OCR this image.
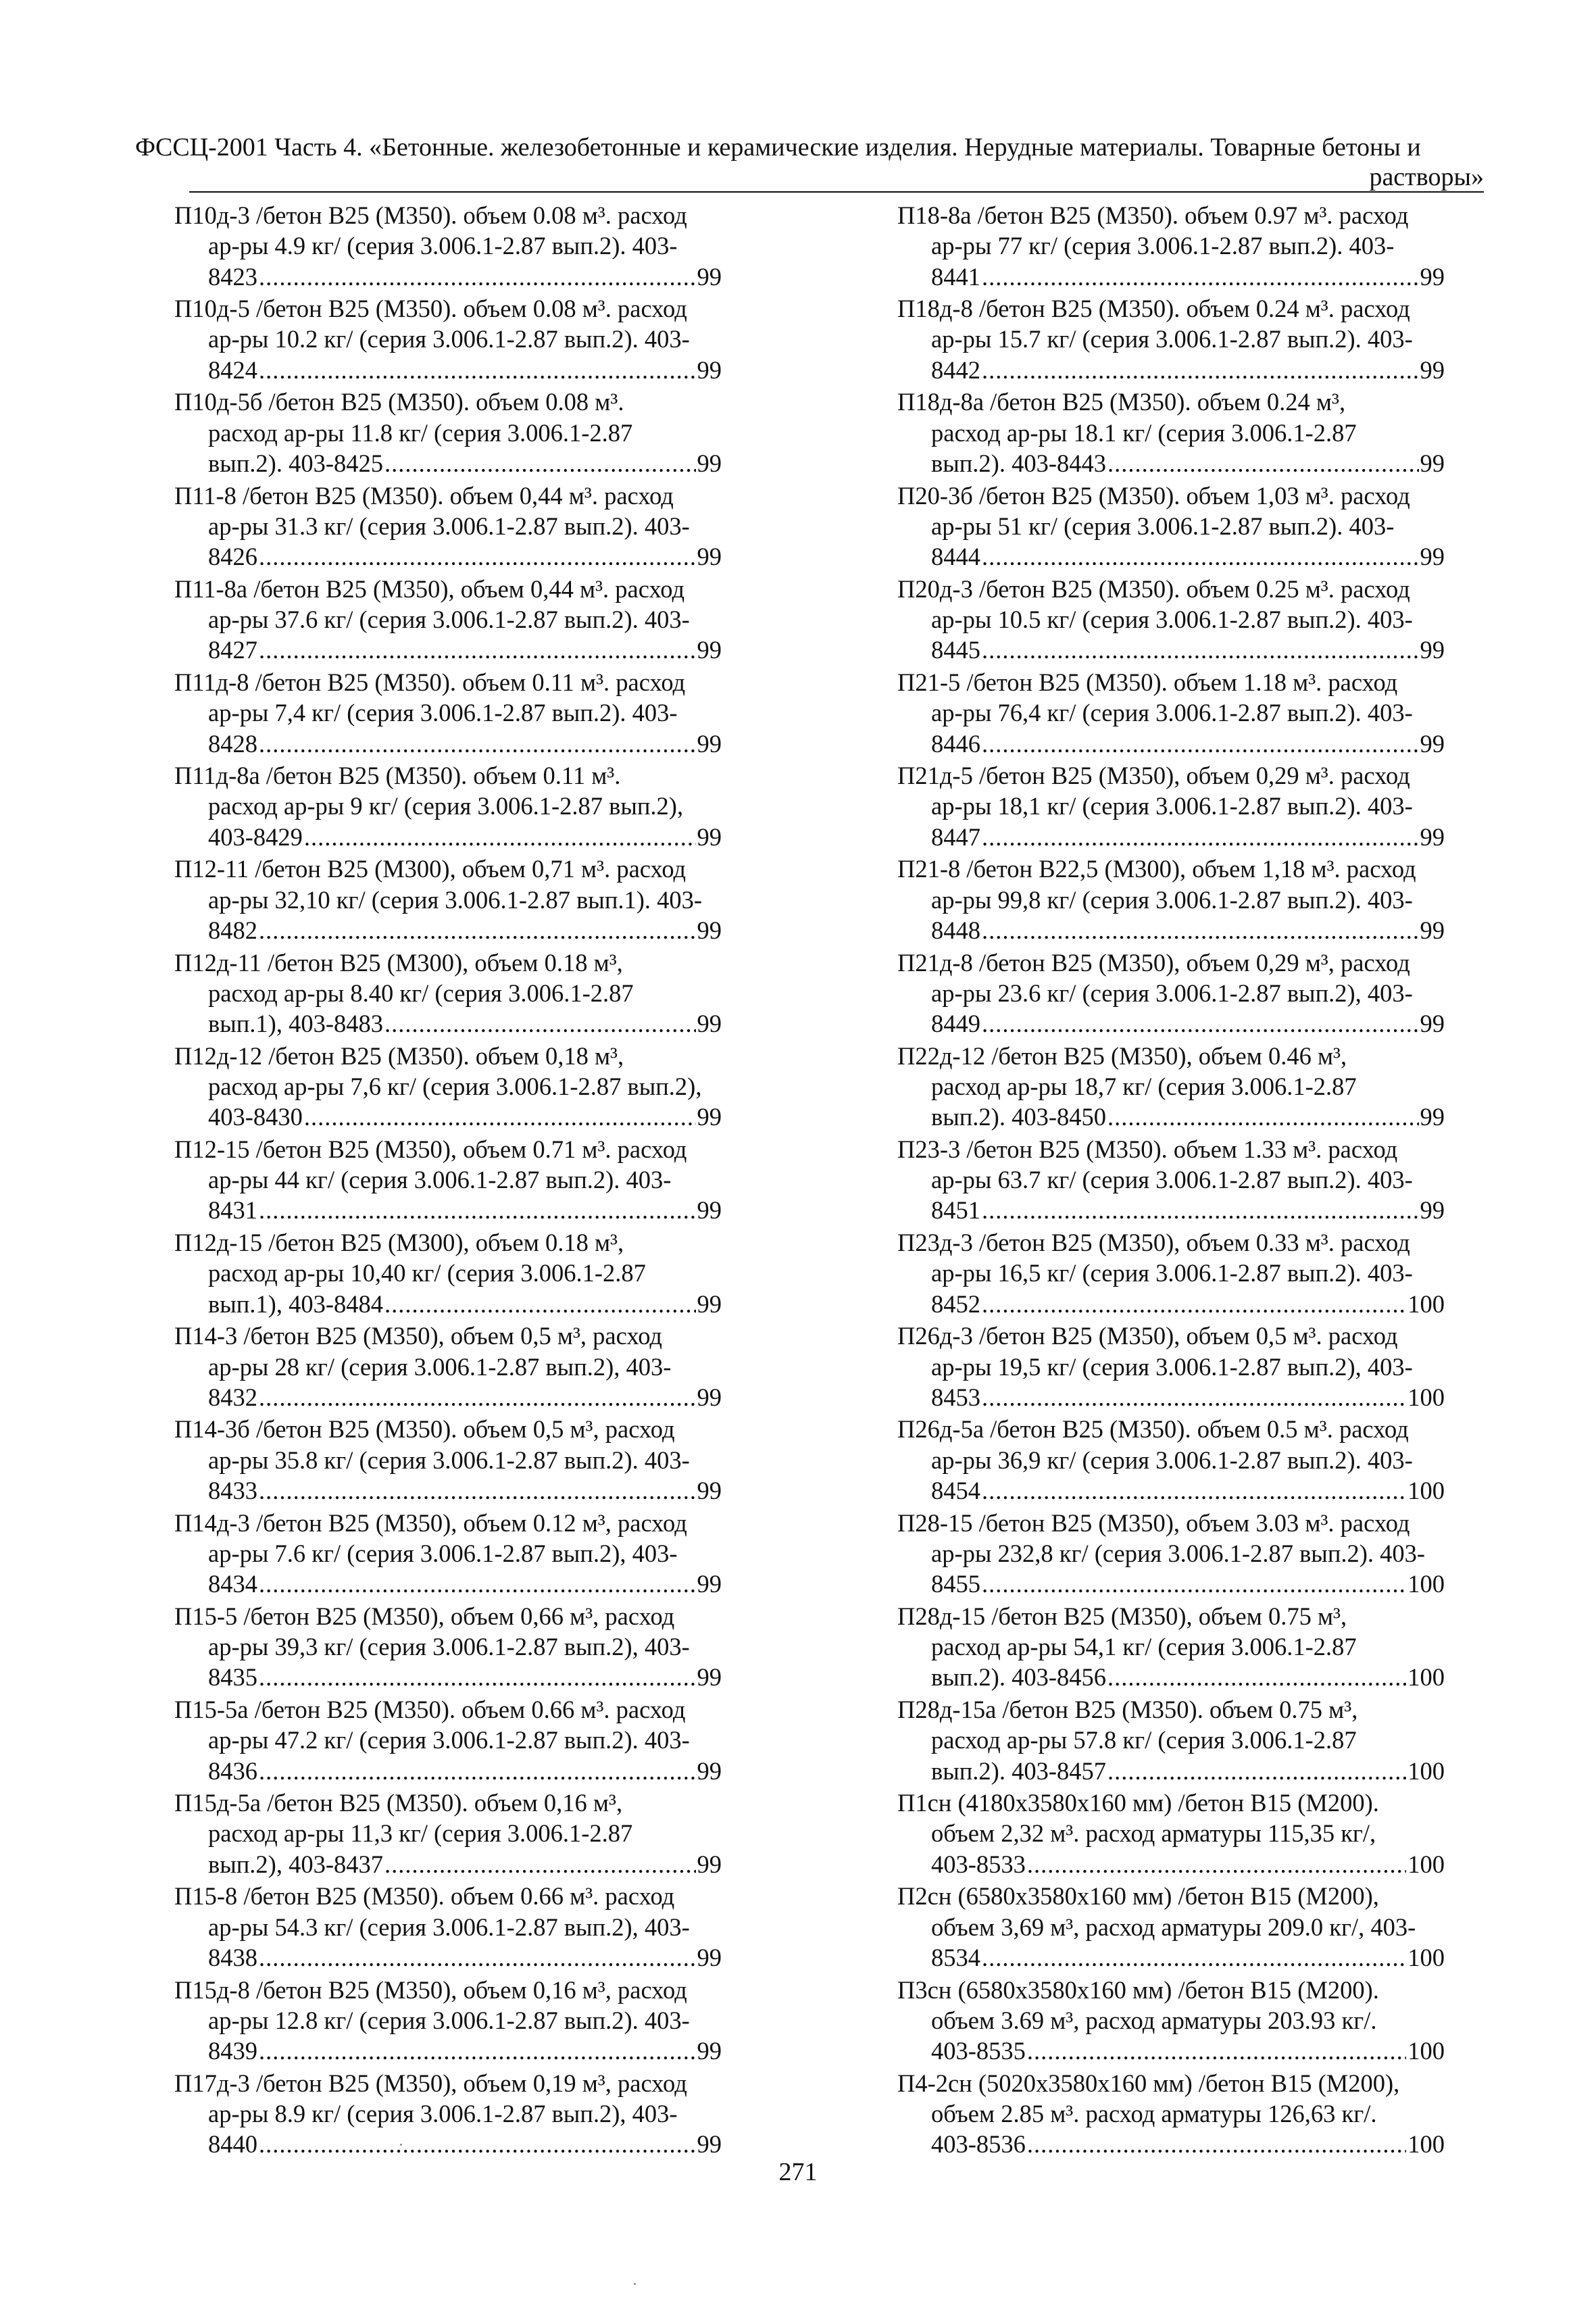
ФССЦ-2001 Часть 4. «Бетонные. железобетонные и керамические изделия. Нерудные материалы. Товарные бетоны и
растворы»
П10д-3 /бетон В25 (М350). объем 0.08 м³. расход
ар-ры 4.9 кг/ (серия 3.006.1-2.87 вып.2). 403-
8423 .....	99
П10д-5 /бетон В25 (М350). объем 0.08 м³. расход
ар-ры 10.2 кг/ (серия 3.006.1-2.87 вып.2). 403-
8424 .....	99
П10д-5б /бетон В25 (М350). объем 0.08 м³.
расход ар-ры 11.8 кг/ (серия 3.006.1-2.87
вып.2). 403-8425 .....	99
П11-8 /бетон В25 (М350). объем 0,44 м³. расход
ар-ры 31.3 кг/ (серия 3.006.1-2.87 вып.2). 403-
8426 .....	99
П11-8а /бетон В25 (М350), объем 0,44 м³. расход
ар-ры 37.6 кг/ (серия 3.006.1-2.87 вып.2). 403-
8427 .....	99
П11д-8 /бетон В25 (М350). объем 0.11 м³. расход
ар-ры 7,4 кг/ (серия 3.006.1-2.87 вып.2). 403-
8428 .....	99
П11д-8а /бетон В25 (М350). объем 0.11 м³.
расход ар-ры 9 кг/ (серия 3.006.1-2.87 вып.2),
403-8429 .....	99
П12-11 /бетон В25 (М300), объем 0,71 м³. расход
ар-ры 32,10 кг/ (серия 3.006.1-2.87 вып.1). 403-
8482 .....	99
П12д-11 /бетон В25 (М300), объем 0.18 м³,
расход ар-ры 8.40 кг/ (серия 3.006.1-2.87
вып.1), 403-8483 .....	99
П12д-12 /бетон В25 (М350). объем 0,18 м³,
расход ар-ры 7,6 кг/ (серия 3.006.1-2.87 вып.2),
403-8430 .....	99
П12-15 /бетон В25 (М350), объем 0.71 м³. расход
ар-ры 44 кг/ (серия 3.006.1-2.87 вып.2). 403-
8431 .....	99
П12д-15 /бетон В25 (М300), объем 0.18 м³,
расход ар-ры 10,40 кг/ (серия 3.006.1-2.87
вып.1), 403-8484 .....	99
П14-3 /бетон В25 (М350), объем 0,5 м³, расход
ар-ры 28 кг/ (серия 3.006.1-2.87 вып.2), 403-
8432 .....	99
П14-3б /бетон В25 (М350). объем 0,5 м³, расход
ар-ры 35.8 кг/ (серия 3.006.1-2.87 вып.2). 403-
8433 .....	99
П14д-3 /бетон В25 (М350), объем 0.12 м³, расход
ар-ры 7.6 кг/ (серия 3.006.1-2.87 вып.2), 403-
8434 .....	99
П15-5 /бетон В25 (М350), объем 0,66 м³, расход
ар-ры 39,3 кг/ (серия 3.006.1-2.87 вып.2), 403-
8435 .....	99
П15-5а /бетон В25 (М350). объем 0.66 м³. расход
ар-ры 47.2 кг/ (серия 3.006.1-2.87 вып.2). 403-
8436 .....	99
П15д-5а /бетон В25 (М350). объем 0,16 м³,
расход ар-ры 11,3 кг/ (серия 3.006.1-2.87
вып.2), 403-8437 .....	99
П15-8 /бетон В25 (М350). объем 0.66 м³. расход
ар-ры 54.3 кг/ (серия 3.006.1-2.87 вып.2), 403-
8438 .....	99
П15д-8 /бетон В25 (М350), объем 0,16 м³, расход
ар-ры 12.8 кг/ (серия 3.006.1-2.87 вып.2). 403-
8439 .....	99
П17д-3 /бетон В25 (М350), объем 0,19 м³, расход
ар-ры 8.9 кг/ (серия 3.006.1-2.87 вып.2), 403-
8440 .....	99
П18-8а /бетон В25 (М350). объем 0.97 м³. расход
ар-ры 77 кг/ (серия 3.006.1-2.87 вып.2). 403-
8441 .....	99
П18д-8 /бетон В25 (М350). объем 0.24 м³. расход
ар-ры 15.7 кг/ (серия 3.006.1-2.87 вып.2). 403-
8442 .....	99
П18д-8а /бетон В25 (М350). объем 0.24 м³,
расход ар-ры 18.1 кг/ (серия 3.006.1-2.87
вып.2). 403-8443 .....	99
П20-3б /бетон В25 (М350). объем 1,03 м³. расход
ар-ры 51 кг/ (серия 3.006.1-2.87 вып.2). 403-
8444 .....	99
П20д-3 /бетон В25 (М350). объем 0.25 м³. расход
ар-ры 10.5 кг/ (серия 3.006.1-2.87 вып.2). 403-
8445 .....	99
П21-5 /бетон В25 (М350). объем 1.18 м³. расход
ар-ры 76,4 кг/ (серия 3.006.1-2.87 вып.2). 403-
8446 .....	99
П21д-5 /бетон В25 (М350), объем 0,29 м³. расход
ар-ры 18,1 кг/ (серия 3.006.1-2.87 вып.2). 403-
8447 .....	99
П21-8 /бетон В22,5 (М300), объем 1,18 м³. расход
ар-ры 99,8 кг/ (серия 3.006.1-2.87 вып.2). 403-
8448 .....	99
П21д-8 /бетон В25 (М350), объем 0,29 м³, расход
ар-ры 23.6 кг/ (серия 3.006.1-2.87 вып.2), 403-
8449 .....	99
П22д-12 /бетон В25 (М350), объем 0.46 м³,
расход ар-ры 18,7 кг/ (серия 3.006.1-2.87
вып.2). 403-8450 .....	99
П23-3 /бетон В25 (М350). объем 1.33 м³. расход
ар-ры 63.7 кг/ (серия 3.006.1-2.87 вып.2). 403-
8451 .....	99
П23д-3 /бетон В25 (М350), объем 0.33 м³. расход
ар-ры 16,5 кг/ (серия 3.006.1-2.87 вып.2). 403-
8452 .....	100
П26д-3 /бетон В25 (М350), объем 0,5 м³. расход
ар-ры 19,5 кг/ (серия 3.006.1-2.87 вып.2), 403-
8453 .....	100
П26д-5а /бетон В25 (М350). объем 0.5 м³. расход
ар-ры 36,9 кг/ (серия 3.006.1-2.87 вып.2). 403-
8454 .....	100
П28-15 /бетон В25 (М350), объем 3.03 м³. расход
ар-ры 232,8 кг/ (серия 3.006.1-2.87 вып.2). 403-
8455 .....	100
П28д-15 /бетон В25 (М350), объем 0.75 м³,
расход ар-ры 54,1 кг/ (серия 3.006.1-2.87
вып.2). 403-8456 .....	100
П28д-15а /бетон В25 (М350). объем 0.75 м³,
расход ар-ры 57.8 кг/ (серия 3.006.1-2.87
вып.2). 403-8457 .....	100
П1сн (4180х3580х160 мм) /бетон В15 (М200).
объем 2,32 м³. расход арматуры 115,35 кг/,
403-8533 .....	100
П2сн (6580х3580х160 мм) /бетон В15 (М200),
объем 3,69 м³, расход арматуры 209.0 кг/, 403-
8534 .....	100
П3сн (6580х3580х160 мм) /бетон В15 (М200).
объем 3.69 м³, расход арматуры 203.93 кг/.
403-8535 .....	100
П4-2сн (5020х3580х160 мм) /бетон В15 (М200),
объем 2.85 м³. расход арматуры 126,63 кг/.
403-8536 .....	100
271
